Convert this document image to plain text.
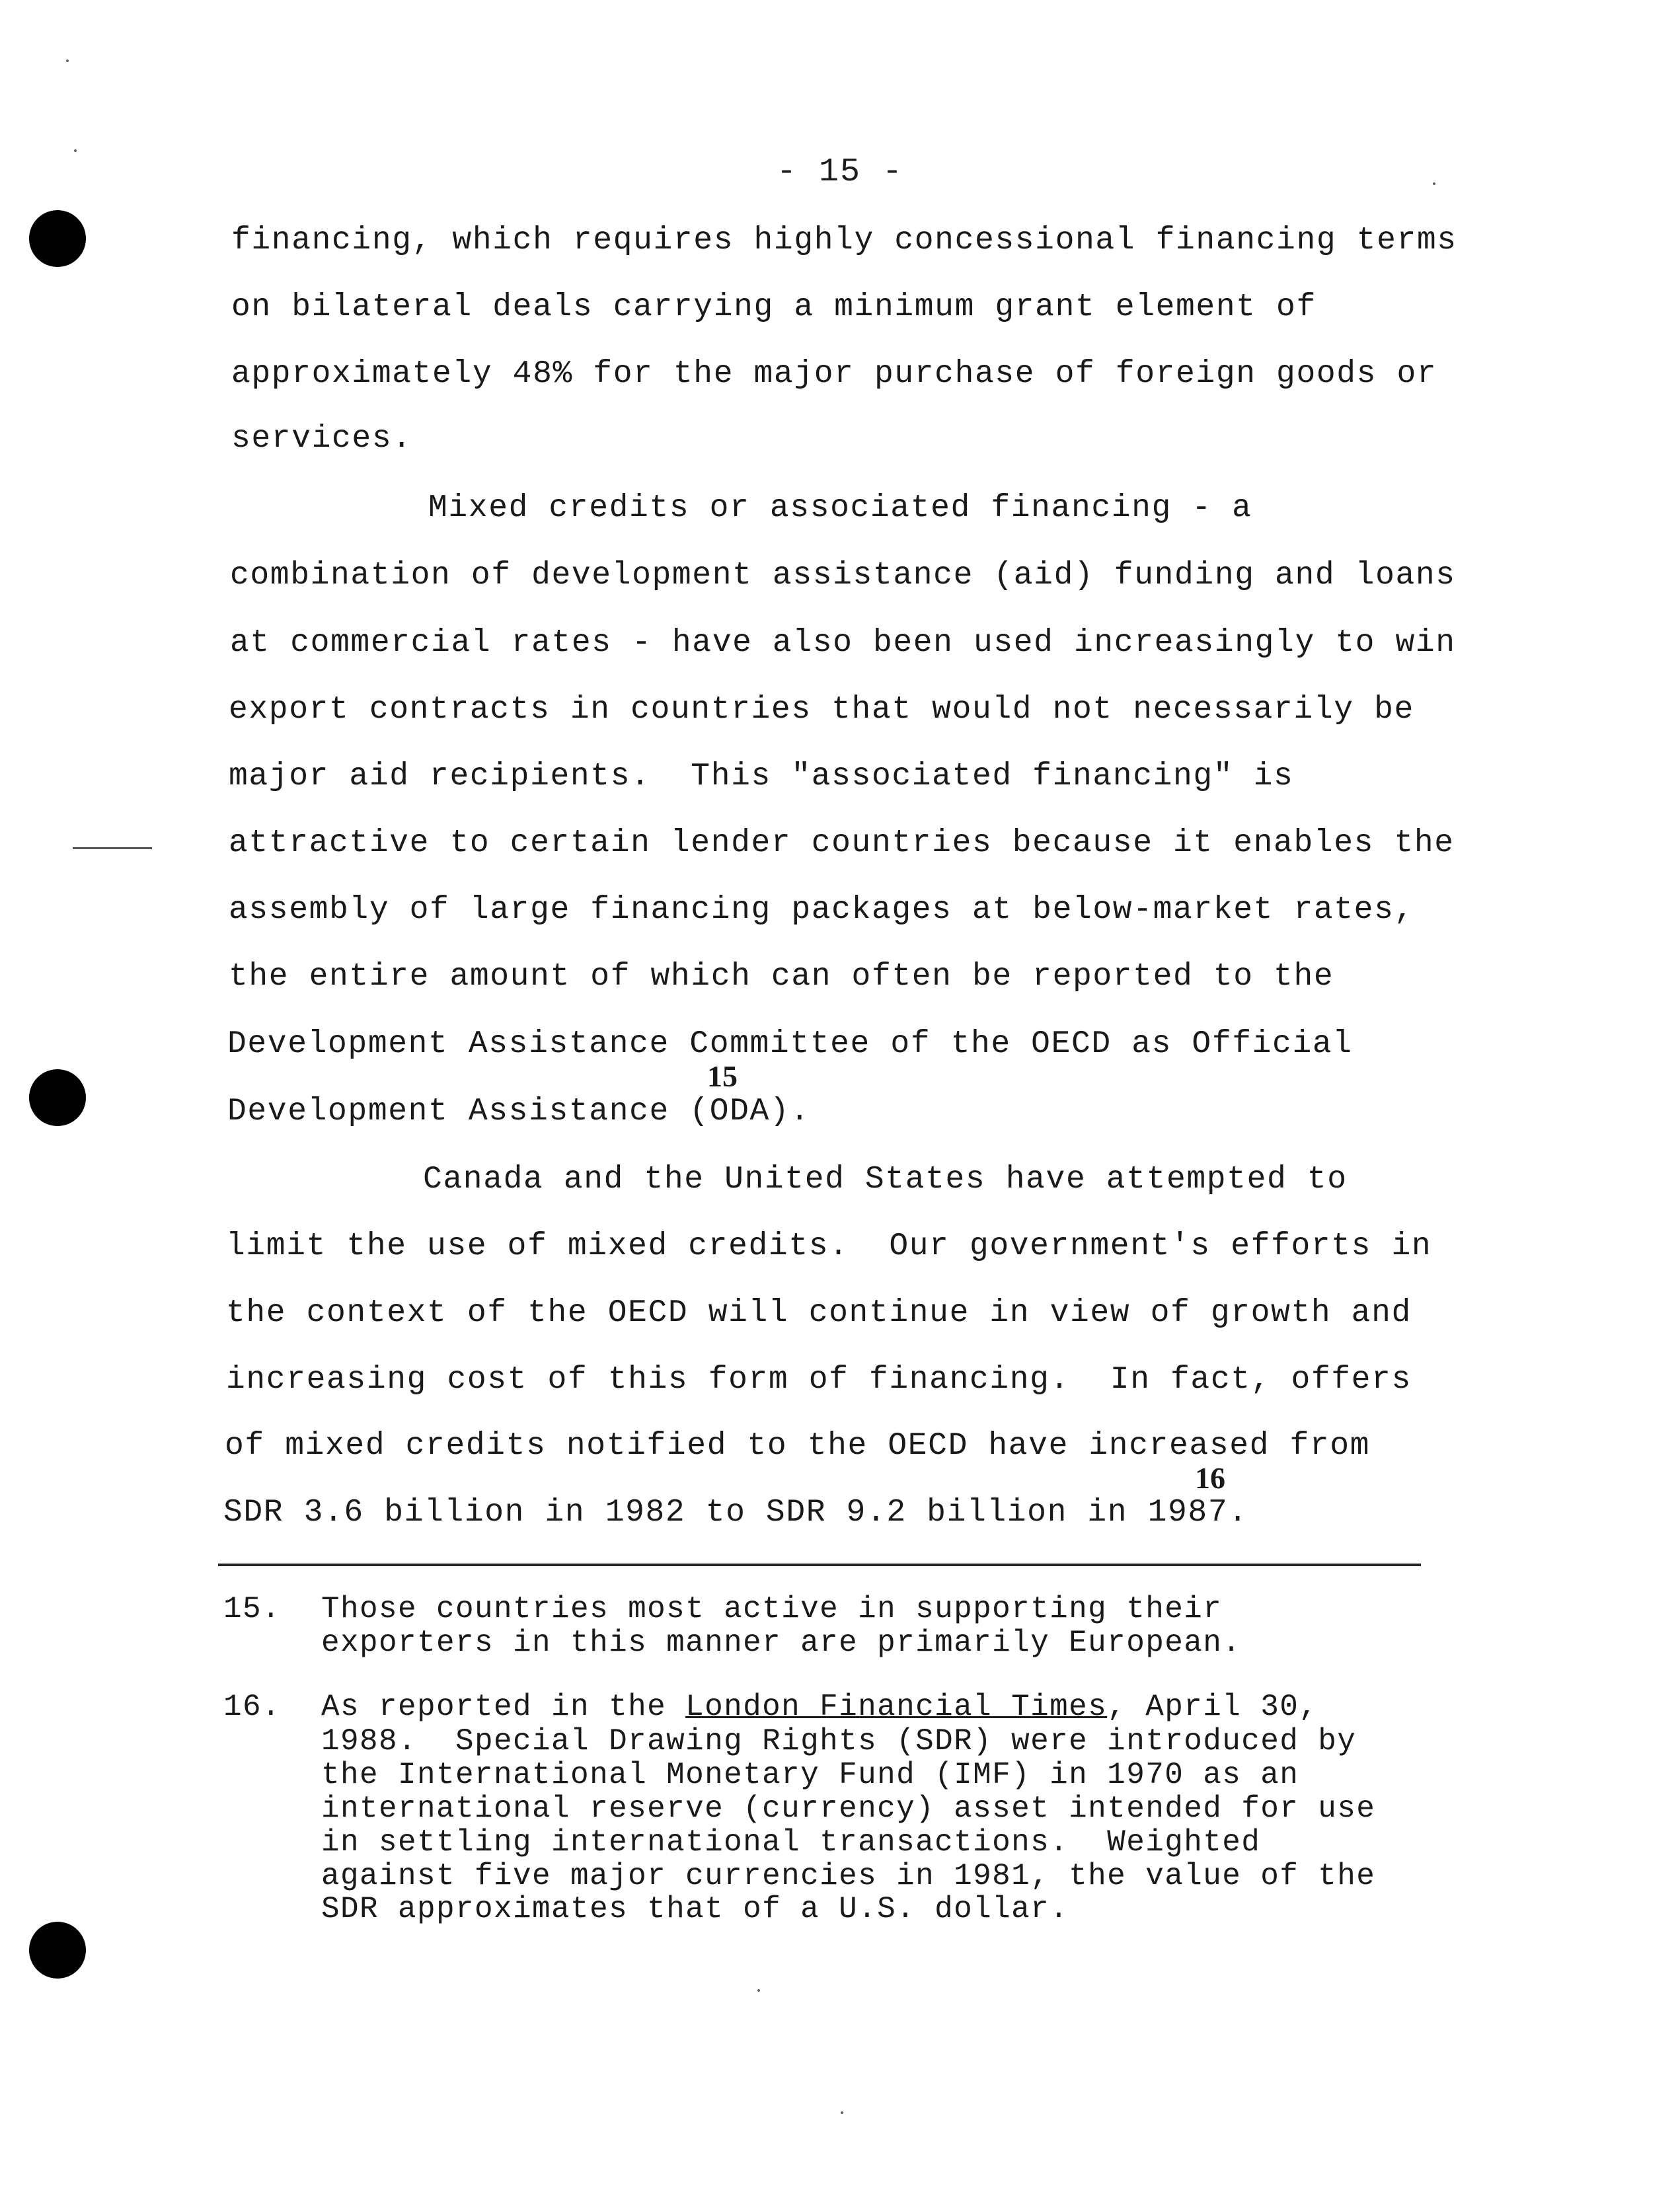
- 15 -
financing, which requires highly concessional financing terms
on bilateral deals carrying a minimum grant element of
approximately 48% for the major purchase of foreign goods or
services.
Mixed credits or associated financing - a
combination of development assistance (aid) funding and loans
at commercial rates - have also been used increasingly to win
export contracts in countries that would not necessarily be
major aid recipients.  This "associated financing" is
attractive to certain lender countries because it enables the
assembly of large financing packages at below-market rates,
the entire amount of which can often be reported to the
Development Assistance Committee of the OECD as Official
15
Development Assistance (ODA).
Canada and the United States have attempted to
limit the use of mixed credits.  Our government's efforts in
the context of the OECD will continue in view of growth and
increasing cost of this form of financing.  In fact, offers
of mixed credits notified to the OECD have increased from
16
SDR 3.6 billion in 1982 to SDR 9.2 billion in 1987.
15. Those countries most active in supporting their
exporters in this manner are primarily European.
16. As reported in the London Financial Times, April 30,
1988.  Special Drawing Rights (SDR) were introduced by
the International Monetary Fund (IMF) in 1970 as an
international reserve (currency) asset intended for use
in settling international transactions.  Weighted
against five major currencies in 1981, the value of the
SDR approximates that of a U.S. dollar.
